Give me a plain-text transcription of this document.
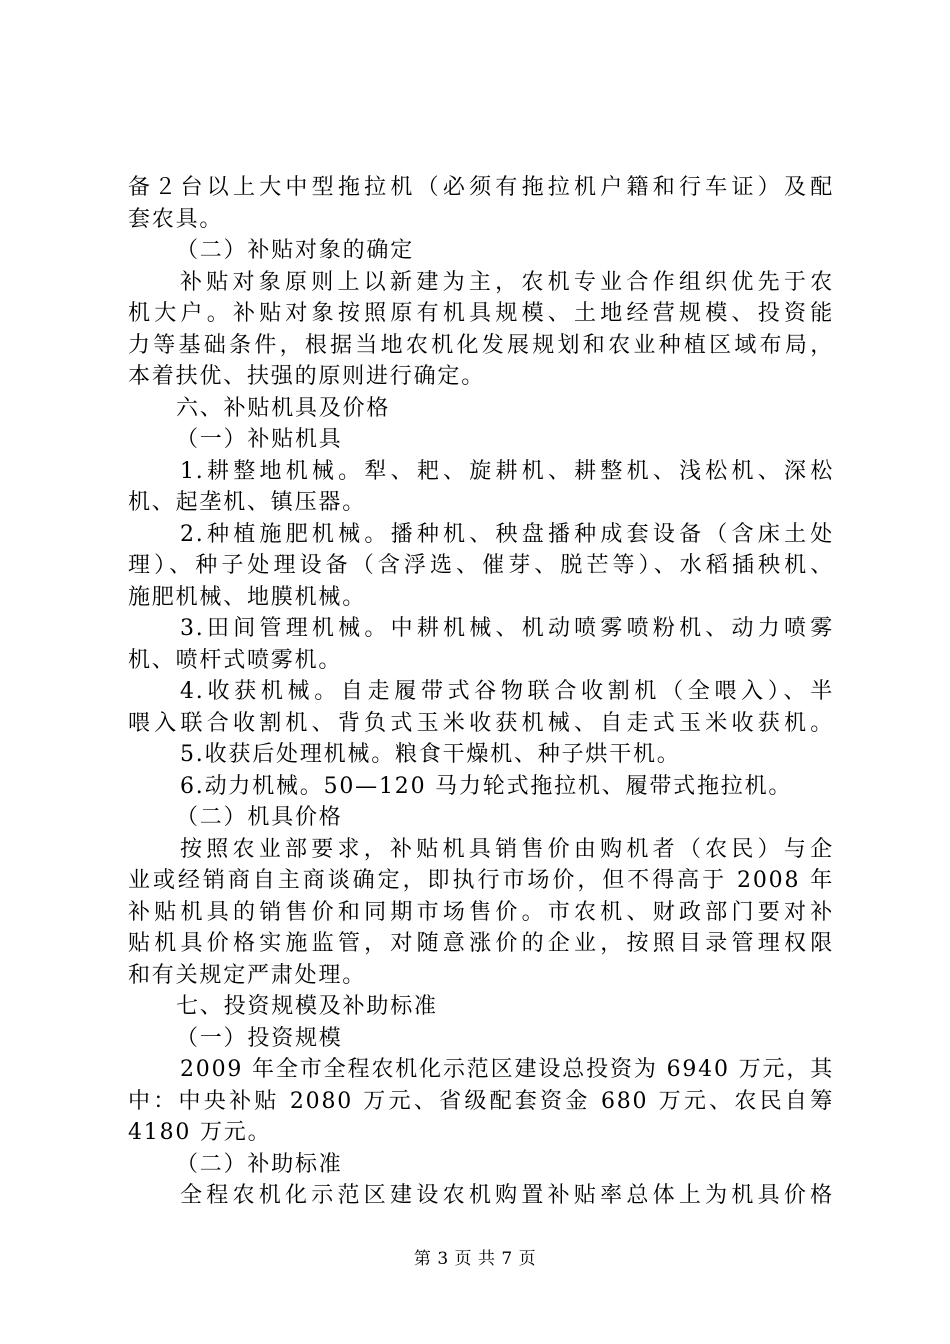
备２台以上大中型拖拉机（必须有拖拉机户籍和行车证）及配
套农具。
（二）补贴对象的确定
补贴对象原则上以新建为主，农机专业合作组织优先于农
机大户。补贴对象按照原有机具规模、土地经营规模、投资能
力等基础条件，根据当地农机化发展规划和农业种植区域布局，
本着扶优、扶强的原则进行确定。
六、补贴机具及价格
（一）补贴机具
1.耕整地机械。犁、耙、旋耕机、耕整机、浅松机、深松
机、起垄机、镇压器。
2.种植施肥机械。播种机、秧盘播种成套设备（含床土处
理）、种子处理设备（含浮选、催芽、脱芒等）、水稻插秧机、
施肥机械、地膜机械。
3.田间管理机械。中耕机械、机动喷雾喷粉机、动力喷雾
机、喷杆式喷雾机。
4.收获机械。自走履带式谷物联合收割机（全喂入）、半
喂入联合收割机、背负式玉米收获机械、自走式玉米收获机。
5.收获后处理机械。粮食干燥机、种子烘干机。
6.动力机械。50—120 马力轮式拖拉机、履带式拖拉机。
（二）机具价格
按照农业部要求，补贴机具销售价由购机者（农民）与企
业或经销商自主商谈确定，即执行市场价，但不得高于 2008 年
补贴机具的销售价和同期市场售价。市农机、财政部门要对补
贴机具价格实施监管，对随意涨价的企业，按照目录管理权限
和有关规定严肃处理。
七、投资规模及补助标准
（一）投资规模
2009 年全市全程农机化示范区建设总投资为 6940 万元，其
中：中央补贴 2080 万元、省级配套资金 680 万元、农民自筹
4180 万元。
（二）补助标准
全程农机化示范区建设农机购置补贴率总体上为机具价格
第 3 页 共 7 页
